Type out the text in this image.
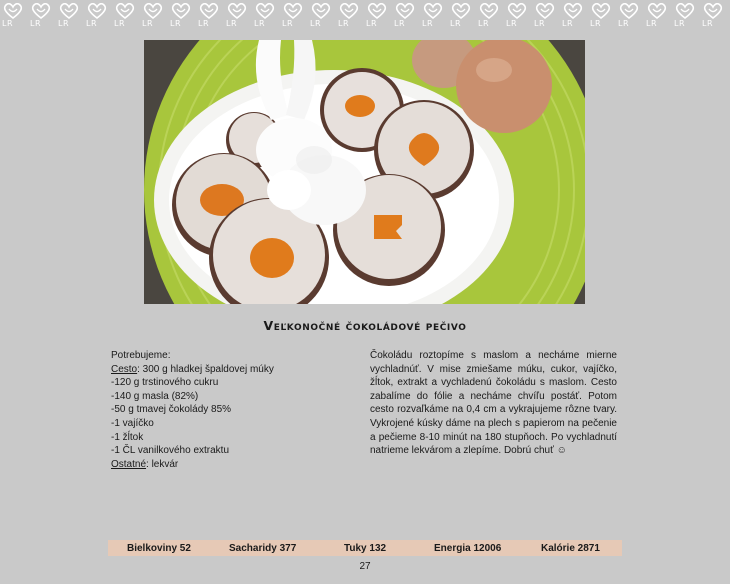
LR LR LR LR LR LR LR LR LR LR LR LR LR LR LR LR LR LR LR LR LR LR LR LR LR LR
Veľkonočné čokoládové pečivo
Potrebujeme:
Cesto: 300 g hladkej špaldovej múky
-120 g trstinového cukru
-140 g masla (82%)
-50 g tmavej čokolády 85%
-1 vajíčko
-1 žĺtok
-1 ČL vanilkového extraktu
Ostatné: lekvár
Čokoládu roztopíme s maslom a necháme mierne vychladnúť. V mise zmiešame múku, cukor, vajíčko, žĺtok, extrakt a vychladenú čokoládu s maslom. Cesto zabalíme do fólie a necháme chvíľu postáť. Potom cesto rozvaľkáme na 0,4 cm a vykrajujeme rôzne tvary. Vykrojené kúsky dáme na plech s papierom na pečenie a pečieme 8-10 minút na 180 stupňoch. Po vychladnutí natrieme lekvárom a zlepíme. Dobrú chuť ☺
Bielkoviny 52	Sacharidy 377	Tuky 132	Energia 12006	Kalórie 2871
27
